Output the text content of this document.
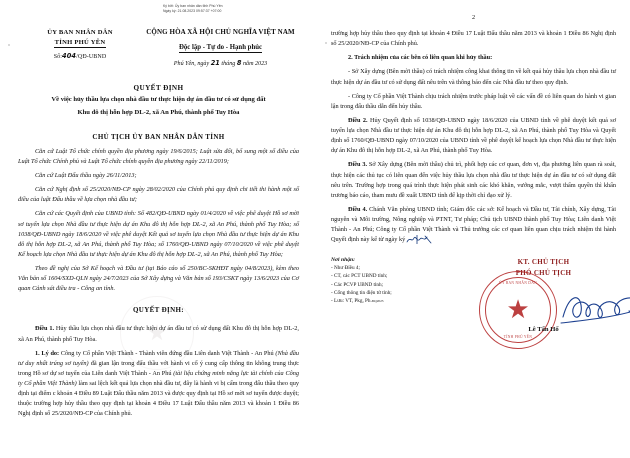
Ký bởi: Ủy ban nhân dân tỉnh Phú Yên
Ngày ký: 21.08.2023 09:57:37 +07:00
ỦY BAN NHÂN DÂN
TỈNH PHÚ YÊN
Số:404/QĐ-UBND
CỘNG HÒA XÃ HỘI CHỦ NGHĨA VIỆT NAM
Độc lập - Tự do - Hạnh phúc
Phú Yên, ngày 21 tháng 8 năm 2023
QUYẾT ĐỊNH
Về việc hủy thầu lựa chọn nhà đầu tư thực hiện dự án đầu tư có sử dụng đất
Khu đô thị hỗn hợp DL-2, xã An Phú, thành phố Tuy Hòa
CHỦ TỊCH ỦY BAN NHÂN DÂN TỈNH

Căn cứ Luật Tổ chức chính quyền địa phương ngày 19/6/2015; Luật sửa đổi, bổ sung một số điều của Luật Tổ chức Chính phủ và Luật Tổ chức chính quyền địa phương ngày 22/11/2019;

Căn cứ Luật Đấu thầu ngày 26/11/2013;

Căn cứ Nghị định số 25/2020/NĐ-CP ngày 28/02/2020 của Chính phủ quy định chi tiết thi hành một số điều của luật Đấu thầu về lựa chọn nhà đầu tư;

Căn cứ các Quyết định của UBND tỉnh: Số 482/QĐ-UBND ngày 01/4/2020 về việc phê duyệt Hồ sơ mời sơ tuyển lựa chọn Nhà đầu tư thực hiện dự án Khu đô thị hỗn hợp DL-2, xã An Phú, thành phố Tuy Hòa; số 1038/QĐ-UBND ngày 18/6/2020 về việc phê duyệt Kết quả sơ tuyển lựa chọn Nhà đầu tư thực hiện dự án Khu đô thị hỗn hợp DL-2, xã An Phú, thành phố Tuy Hòa; số 1760/QĐ-UBND ngày 07/10/2020 về việc phê duyệt Kế hoạch lựa chọn Nhà đầu tư thực hiện dự án Khu đô thị hỗn hợp DL-2, xã An Phú, thành phố Tuy Hòa;

Theo đề nghị của Sở Kế hoạch và Đầu tư (tại Báo cáo số 250/BC-SKHĐT ngày 04/8/2023), kèm theo Văn bản số 1604/SXD-QLN ngày 24/7/2023 của Sở Xây dựng và Văn bản số 193/CSKT ngày 13/6/2023 của Cơ quan Cảnh sát điều tra - Công an tỉnh.

★
QUYẾT ĐỊNH:

Điều 1. Hủy thầu lựa chọn nhà đầu tư thực hiện dự án đầu tư có sử dụng đất Khu đô thị hỗn hợp DL-2, xã An Phú, thành phố Tuy Hòa.

1. Lý do: Công ty Cổ phần Việt Thành - Thành viên đứng đầu Liên danh Việt Thành - An Phú (Nhà đầu tư duy nhất trúng sơ tuyển) đã gian lận trong đấu thầu với hành vi cố ý cung cấp thông tin không trung thực trong Hồ sơ dự sơ tuyển của Liên danh Việt Thành - An Phú (tài liệu chứng minh năng lực tài chính của Công ty Cổ phần Việt Thành) làm sai lệch kết quả lựa chọn nhà đầu tư, đây là hành vi bị cấm trong đấu thầu theo quy định tại điểm c khoản 4 Điều 89 Luật Đấu thầu năm 2013 và được quy định tại Hồ sơ mời sơ tuyển được duyệt; thuộc trường hợp hủy thầu theo quy định tại khoản 4 Điều 17 Luật Đấu thầu năm 2013 và khoản 1 Điều 86 Nghị định số 25/2020/NĐ-CP của Chính phủ.

2

trường hợp hủy thầu theo quy định tại khoản 4 Điều 17 Luật Đấu thầu năm 2013 và khoản 1 Điều 86 Nghị định số 25/2020/NĐ-CP của Chính phủ.

2. Trách nhiệm của các bên có liên quan khi hủy thầu:

- Sở Xây dựng (Bên mời thầu) có trách nhiệm công khai thông tin về kết quả hủy thầu lựa chọn nhà đầu tư thực hiện dự án đầu tư có sử dụng đất nêu trên và thông báo đến các Nhà đầu tư theo quy định.

- Công ty Cổ phần Việt Thành chịu trách nhiệm trước pháp luật về các vấn đề có liên quan do hành vi gian lận trong đấu thầu dẫn đến hủy thầu.

Điều 2. Hủy Quyết định số 1038/QĐ-UBND ngày 18/6/2020 của UBND tỉnh về phê duyệt kết quả sơ tuyển lựa chọn Nhà đầu tư thực hiện dự án Khu đô thị hỗn hợp DL-2, xã An Phú, thành phố Tuy Hòa và Quyết định số 1760/QĐ-UBND ngày 07/10/2020 của UBND tỉnh về phê duyệt kế hoạch lựa chọn Nhà đầu tư thực hiện dự án Khu đô thị hỗn hợp DL-2, xã An Phú, thành phố Tuy Hòa.

Điều 3. Sở Xây dựng (Bên mời thầu) chủ trì, phối hợp các cơ quan, đơn vị, địa phương liên quan rà soát, thực hiện các thủ tục có liên quan đến việc hủy thầu lựa chọn nhà đầu tư thực hiện dự án đầu tư có sử dụng đất nêu trên. Trường hợp trong quá trình thực hiện phát sinh các khó khăn, vướng mắc, vượt thẩm quyền thì khẩn trương báo cáo, tham mưu đề xuất UBND tỉnh để kịp thời chỉ đạo xử lý.

Điều 4. Chánh Văn phòng UBND tỉnh; Giám đốc các sở: Kế hoạch và Đầu tư, Tài chính, Xây dựng, Tài nguyên và Môi trường, Nông nghiệp và PTNT, Tư pháp; Chủ tịch UBND thành phố Tuy Hòa; Liên danh Việt Thành - An Phú; Công ty Cổ phần Việt Thành và Thủ trưởng các cơ quan liên quan chịu trách nhiệm thi hành Quyết định này kể từ ngày ký

Nơi nhận:
- Như Điều 4;
- CT, các PCT UBND tỉnh;
- Các PCVP UBND tỉnh;
- Cổng thông tin điện tử tỉnh;
- Lưu: VT, Pkg, Ph.ĐQ2023
KT. CHỦ TỊCH
PHÓ CHỦ TỊCH
ỦY BAN NHÂN DÂN
★
TỈNH PHÚ YÊN
Lê Tấn Hổ
